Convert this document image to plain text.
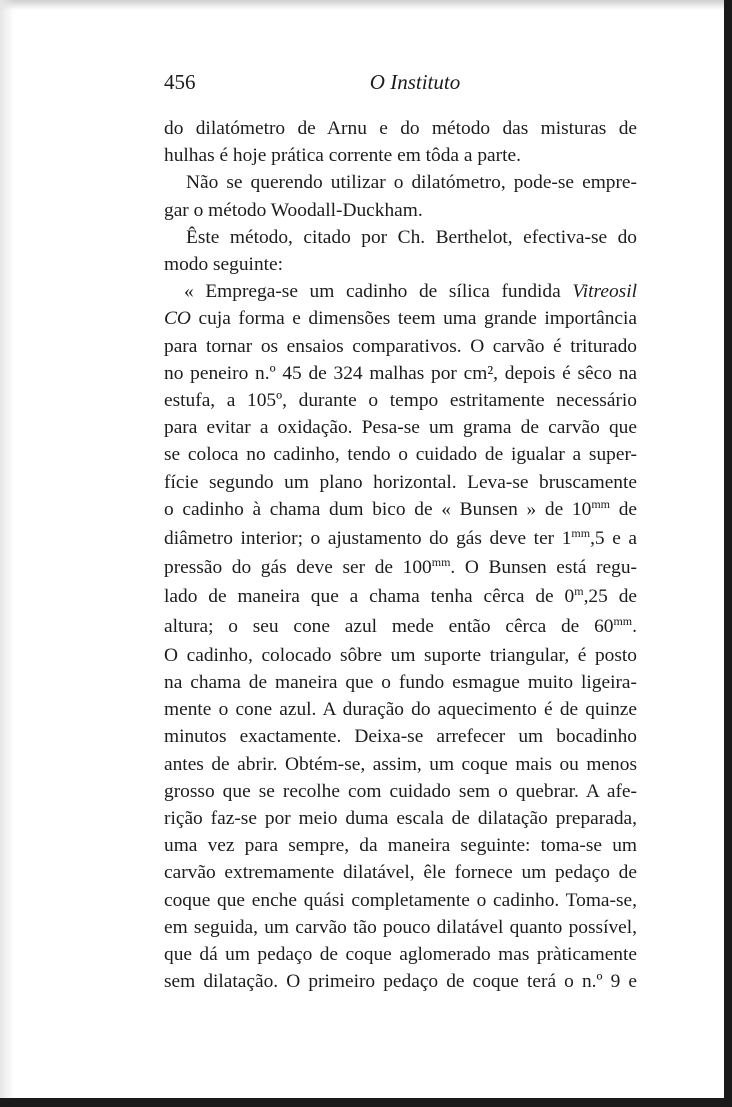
456	O Instituto
do dilatómetro de Arnu e do método das misturas de
hulhas é hoje prática corrente em tôda a parte.
Não se querendo utilizar o dilatómetro, pode-se empre-
gar o método Woodall-Duckham.
Êste método, citado por Ch. Berthelot, efectiva-se do
modo seguinte:
« Emprega-se um cadinho de sílica fundida Vitreosil
CO cuja forma e dimensões teem uma grande importância
para tornar os ensaios comparativos. O carvão é triturado
no peneiro n.º 45 de 324 malhas por cm², depois é sêco na
estufa, a 105º, durante o tempo estritamente necessário
para evitar a oxidação. Pesa-se um grama de carvão que
se coloca no cadinho, tendo o cuidado de igualar a super-
fície segundo um plano horizontal. Leva-se bruscamente
o cadinho à chama dum bico de « Bunsen » de $10^{mm}$ de
diâmetro interior; o ajustamento do gás deve ter $1^{mm},5$ e a
pressão do gás deve ser de $100^{mm}$. O Bunsen está regu-
lado de maneira que a chama tenha cêrca de 0$^m$,25 de
altura; o seu cone azul mede então cêrca de $60^{mm}$.
O cadinho, colocado sôbre um suporte triangular, é posto
na chama de maneira que o fundo esmague muito ligeira-
mente o cone azul. A duração do aquecimento é de quinze
minutos exactamente. Deixa-se arrefecer um bocadinho
antes de abrir. Obtém-se, assim, um coque mais ou menos
grosso que se recolhe com cuidado sem o quebrar. A afe-
rição faz-se por meio duma escala de dilatação preparada,
uma vez para sempre, da maneira seguinte: toma-se um
carvão extremamente dilatável, êle fornece um pedaço de
coque que enche quási completamente o cadinho. Toma-se,
em seguida, um carvão tão pouco dilatável quanto possível,
que dá um pedaço de coque aglomerado mas pràticamente
sem dilatação. O primeiro pedaço de coque terá o n.º 9 e
